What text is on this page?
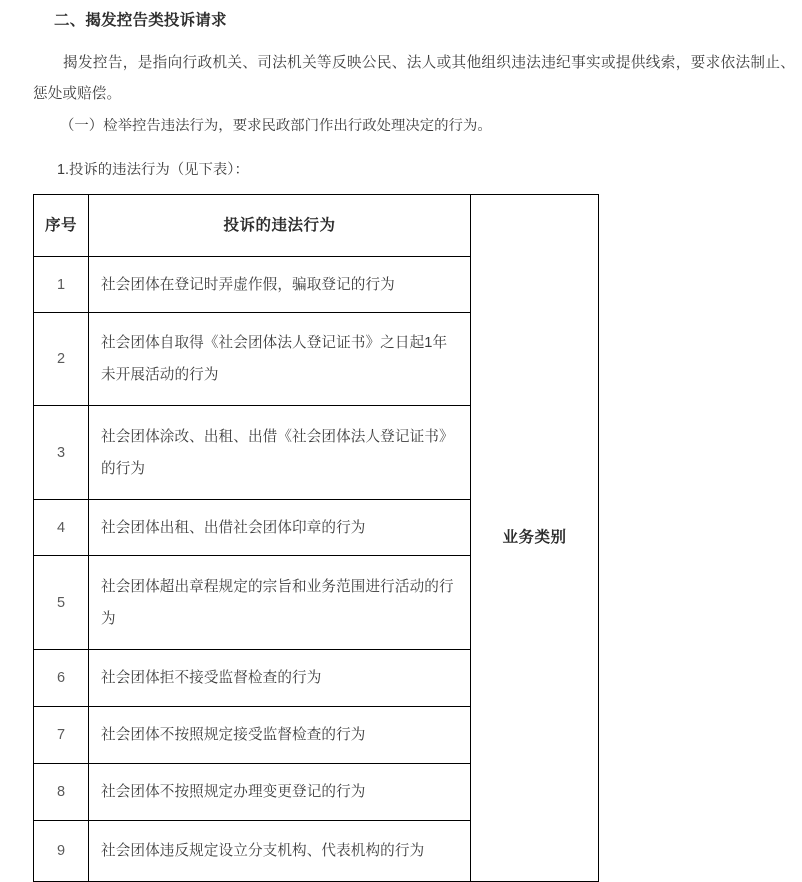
二、揭发控告类投诉请求
揭发控告，是指向行政机关、司法机关等反映公民、法人或其他组织违法违纪事实或提供线索，要求依法制止、惩处或赔偿。
（一）检举控告违法行为，要求民政部门作出行政处理决定的行为。
1.投诉的违法行为（见下表）：
序号	投诉的违法行为	业务类别

1	社会团体在登记时弄虚作假，骗取登记的行为	

2	社会团体自取得《社会团体法人登记证书》之日起1年未开展活动的行为	

3	社会团体涂改、出租、出借《社会团体法人登记证书》的行为	

4	社会团体出租、出借社会团体印章的行为	

5	社会团体超出章程规定的宗旨和业务范围进行活动的行为	

6	社会团体拒不接受监督检查的行为	

7	社会团体不按照规定接受监督检查的行为	

8	社会团体不按照规定办理变更登记的行为	

9	社会团体违反规定设立分支机构、代表机构的行为	
